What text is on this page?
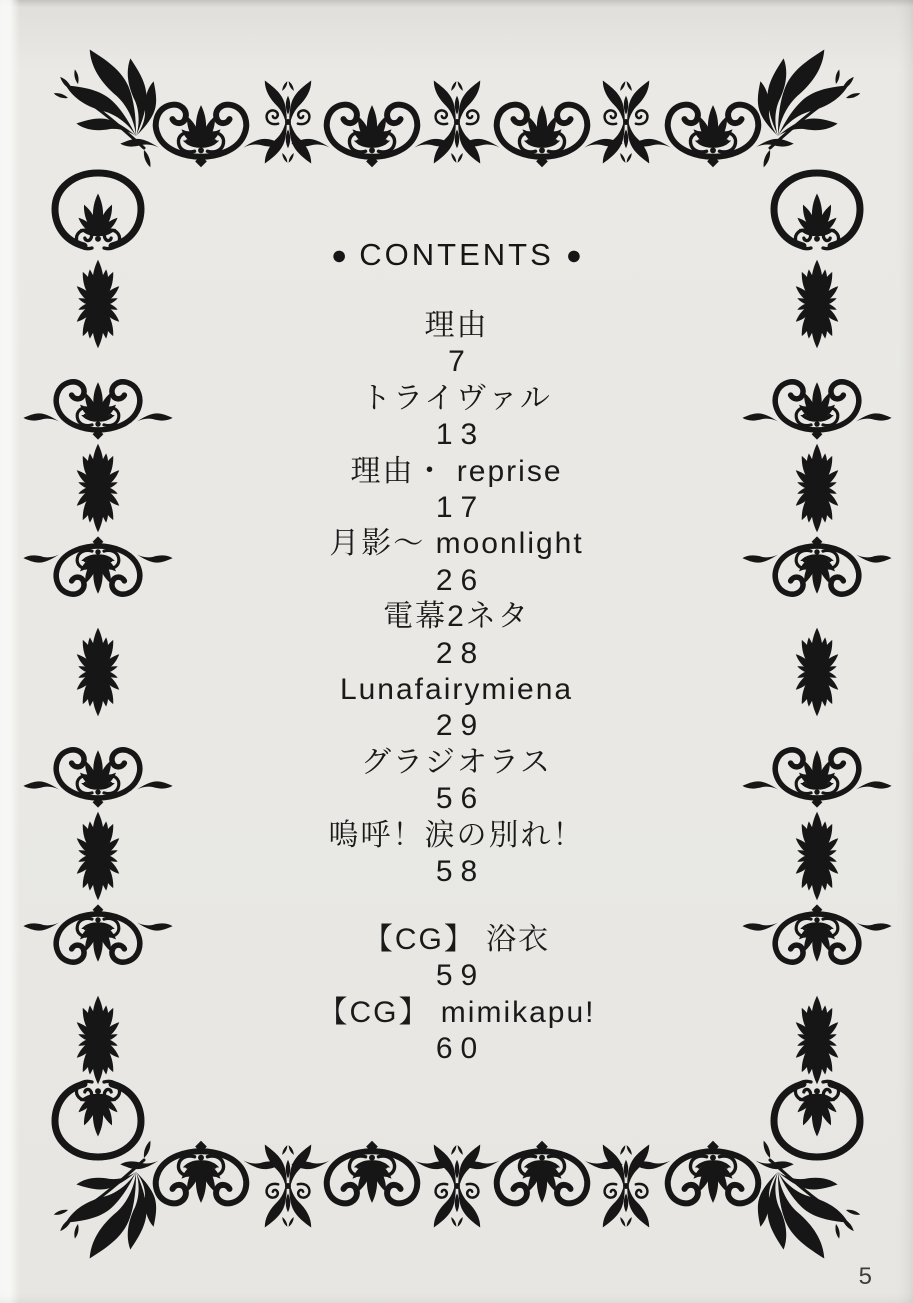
● CONTENTS ●
理由
7
トライヴァル
13
理由・ reprise
17
月影～ moonlight
26
電幕2ネタ
28
Lunafairymiena
29
グラジオラス
56
嗚呼！涙の別れ！
58
【CG】 浴衣
59
【CG】 mimikapu!
60
5
